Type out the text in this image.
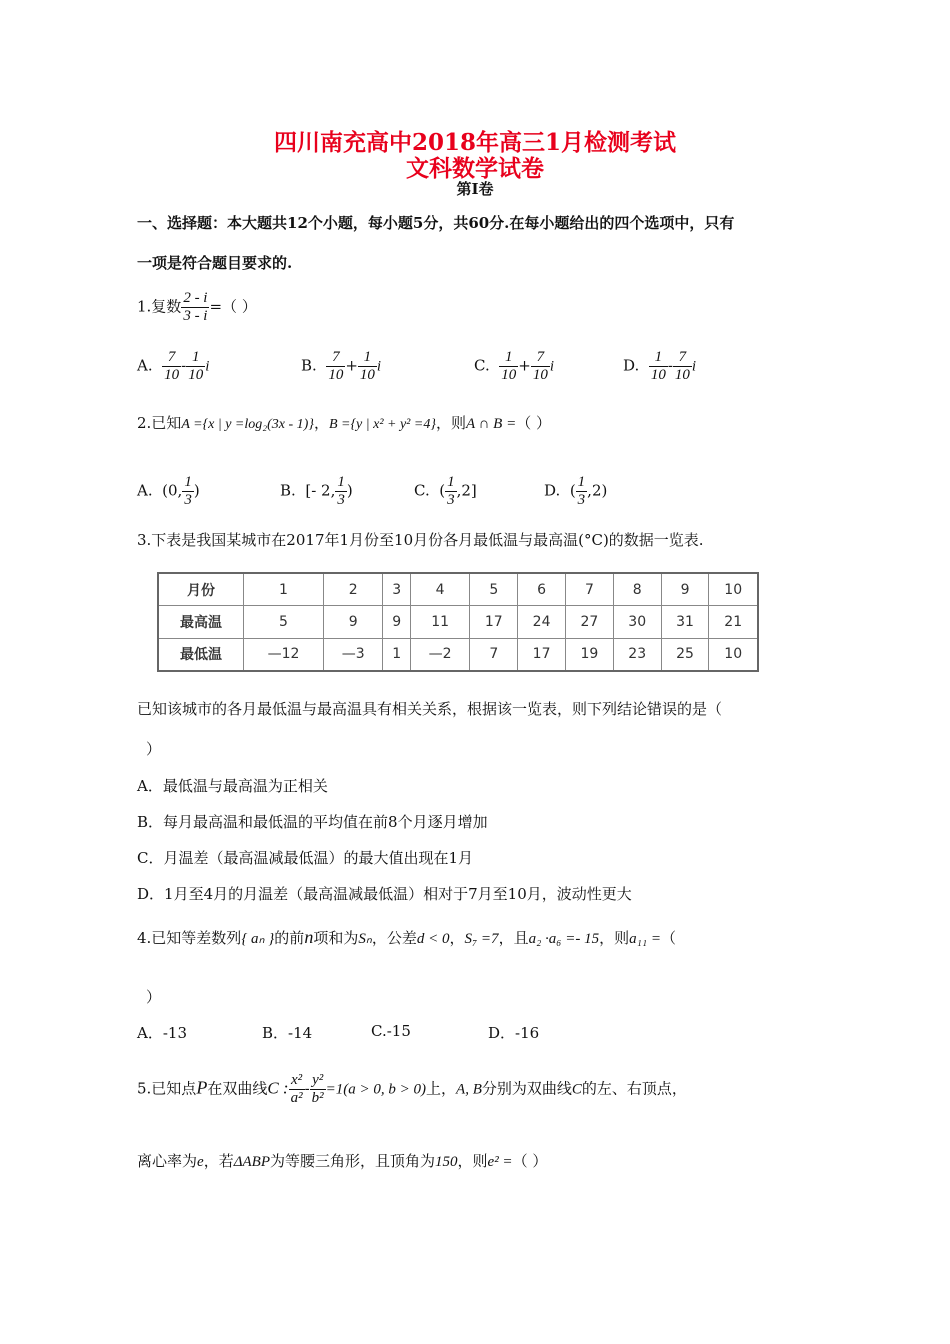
四川南充高中2018年高三1月检测考试
文科数学试卷
第Ⅰ卷
一、选择题：本大题共12个小题，每小题5分，共60分.在每小题给出的四个选项中，只有
一项是符合题目要求的.
1.复数 $\frac{2 - i}{3 - i}$ =（ ）
A. $\frac{7}{10} - \frac{1}{10}$ i	B. $\frac{7}{10} + \frac{1}{10}$ i	C. $\frac{1}{10} + \frac{7}{10}$ i	D. $\frac{1}{10} - \frac{7}{10}$ i
2.已知A ={x | y =log₂(3x - 1)}，B ={y | x² + y² =4}，则A ∩ B =（ ）
A. (0, $\frac{1}{3}$ )	B. [- 2, $\frac{1}{3}$ )	C. ( $\frac{1}{3} ,2$]	D. ( $\frac{1}{3} ,2$)
3.下表是我国某城市在2017年1月份至10月份各月最低温与最高温(°C)的数据一览表.
月份	1	2	3	4	5	6	7	8	9	10
最高温	5	9	9	11	17	24	27	30	31	21
最低温	—12	—3	1	—2	7	17	19	23	25	10
已知该城市的各月最低温与最高温具有相关关系，根据该一览表，则下列结论错误的是（
）
A．最低温与最高温为正相关
B．每月最高温和最低温的平均值在前8个月逐月增加
C．月温差（最高温减最低温）的最大值出现在1月
D．1月至4月的月温差（最高温减最低温）相对于7月至10月，波动性更大
4.已知等差数列{ aₙ }的前n项和为Sₙ，公差d < 0，S₇ =7，且a₂ ·a₆ =- 15，则a₁₁ =（
）
A．-13	B．-14	C.-15	D．-16
5.已知点P在双曲线C : $\frac{\text{x²}}{\text{a²}} - \frac{\text{y²}}{\text{b²}} =1(a > 0$, b > 0)上，A, B分别为双曲线C的左、右顶点，
离心率为e，若ΔABP为等腰三角形，且顶角为150，则e² =（ ）
